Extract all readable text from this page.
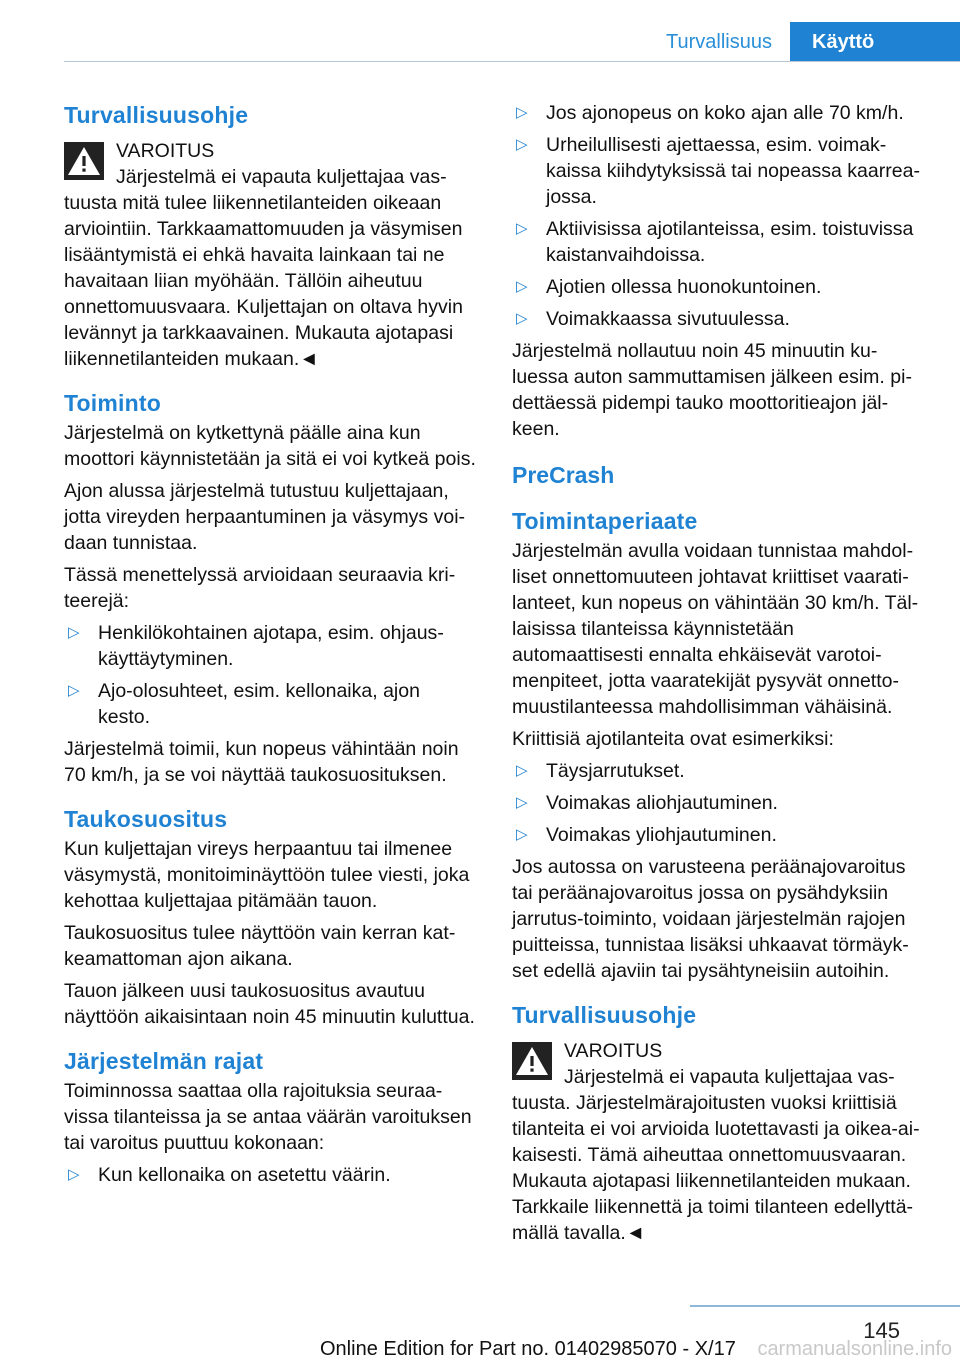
Turvallisuus	Käyttö
Turvallisuusohje

VAROITUS

Järjestelmä ei vapauta kuljettajaa vastuusta mitä tulee liikennetilanteiden oikeaan arviointiin. Tarkkaamattomuuden ja väsymisen lisääntymistä ei ehkä havaita lainkaan tai ne havaitaan liian myöhään. Tällöin aiheutuu onnettomuusvaara. Kuljettajan on oltava hyvin levännyt ja tarkkaavainen. Mukauta ajotapasi liikennetilanteiden mukaan.◄

Toiminto

Järjestelmä on kytkettynä päälle aina kun moottori käynnistetään ja sitä ei voi kytkeä pois.

Ajon alussa järjestelmä tutustuu kuljettajaan, jotta vireyden herpaantuminen ja väsymys voidaan tunnistaa.

Tässä menettelyssä arvioidaan seuraavia kriteerejä:

▷ Henkilökohtainen ajotapa, esim. ohjauskäyttäytyminen.
▷ Ajo-olosuhteet, esim. kellonaika, ajon kesto.

Järjestelmä toimii, kun nopeus vähintään noin 70 km/h, ja se voi näyttää taukosuosituksen.

Taukosuositus

Kun kuljettajan vireys herpaantuu tai ilmenee väsymystä, monitoiminäyttöön tulee viesti, joka kehottaa kuljettajaa pitämään tauon.

Taukosuositus tulee näyttöön vain kerran katkeamattoman ajon aikana.

Tauon jälkeen uusi taukosuositus avautuu näyttöön aikaisintaan noin 45 minuutin kuluttua.

Järjestelmän rajat

Toiminnossa saattaa olla rajoituksia seuraavissa tilanteissa ja se antaa väärän varoituksen tai varoitus puuttuu kokonaan:

▷ Kun kellonaika on asetettu väärin.
▷ Jos ajonopeus on koko ajan alle 70 km/h.
▷ Urheilullisesti ajettaessa, esim. voimakkaissa kiihdytyksissä tai nopeassa kaarreajossa.
▷ Aktiivisissa ajotilanteissa, esim. toistuvissa kaistanvaihdoissa.
▷ Ajotien ollessa huonokuntoinen.
▷ Voimakkaassa sivutuulessa.

Järjestelmä nollautuu noin 45 minuutin kuluessa auton sammuttamisen jälkeen esim. pidettäessä pidempi tauko moottoritieajon jälkeen.

PreCrash
Toimintaperiaate

Järjestelmän avulla voidaan tunnistaa mahdolliset onnettomuuteen johtavat kriittiset vaaratilanteet, kun nopeus on vähintään 30 km/h. Tällaisissa tilanteissa käynnistetään automaattisesti ennalta ehkäisevät varotoimenpiteet, jotta vaaratekijät pysyvät onnettomuustilanteessa mahdollisimman vähäisinä.

Kriittisiä ajotilanteita ovat esimerkiksi:

▷ Täysjarrutukset.
▷ Voimakas aliohjautuminen.
▷ Voimakas yliohjautuminen.

Jos autossa on varusteena peräänajovaroitus tai peräänajovaroitus jossa on pysähdyksiin jarrutus-toiminto, voidaan järjestelmän rajojen puitteissa, tunnistaa lisäksi uhkaavat törmäykset edellä ajaviin tai pysähtyneisiin autoihin.

Turvallisuusohje

VAROITUS

Järjestelmä ei vapauta kuljettajaa vastuusta. Järjestelmärajoitusten vuoksi kriittisiä tilanteita ei voi arvioida luotettavasti ja oikea-aikaisesti. Tämä aiheuttaa onnettomuusvaaran. Mukauta ajotapasi liikennetilanteiden mukaan. Tarkkaile liikennettä ja toimi tilanteen edellyttämällä tavalla.◄

145
Online Edition for Part no. 01402985070 - X/17 carmanualsonline.info
